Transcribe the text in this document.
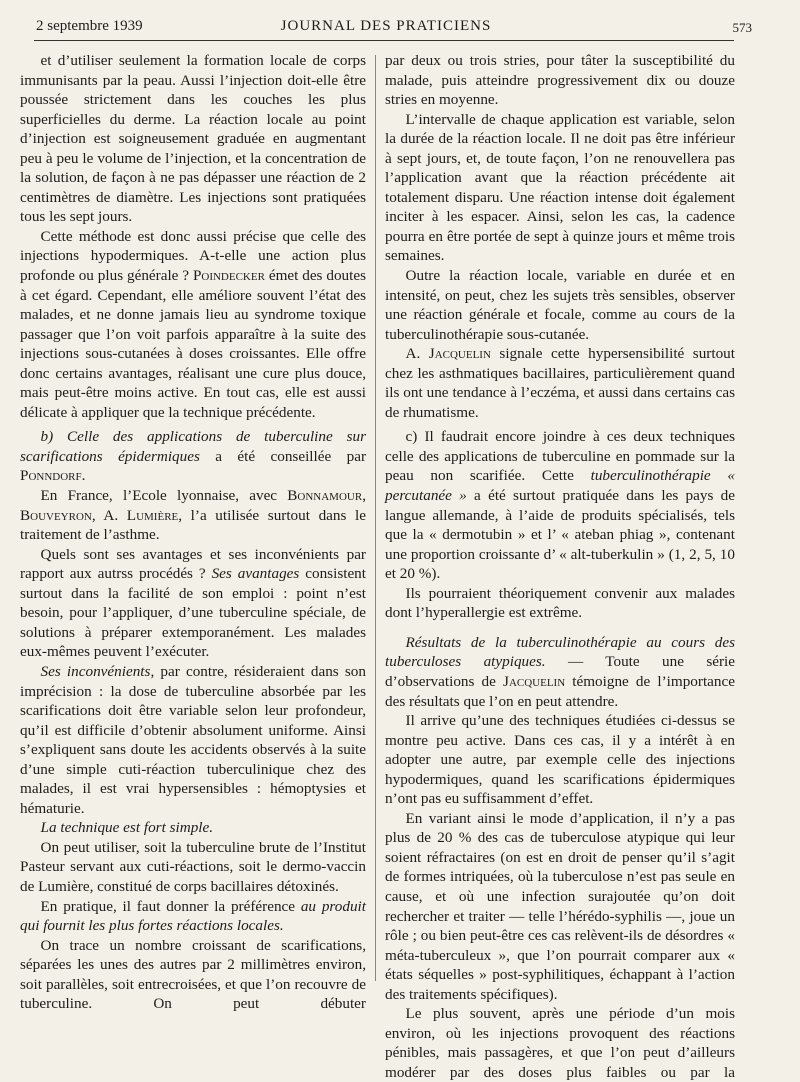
2 septembre 1939	JOURNAL DES PRATICIENS	573

et d’utiliser seulement la formation locale de corps immunisants par la peau. Aussi l’injection doit-elle être poussée strictement dans les couches les plus superficielles du derme. La réaction locale au point d’injection est soigneusement graduée en augmentant peu à peu le volume de l’injection, et la concentration de la solution, de façon à ne pas dépasser une réaction de 2 centimètres de diamètre. Les injections sont pratiquées tous les sept jours.

Cette méthode est donc aussi précise que celle des injections hypodermiques. A-t-elle une action plus profonde ou plus générale ? Poindecker émet des doutes à cet égard. Cependant, elle améliore souvent l’état des malades, et ne donne jamais lieu au syndrome toxique passager que l’on voit parfois apparaître à la suite des injections sous-cutanées à doses croissantes. Elle offre donc certains avantages, réalisant une cure plus douce, mais peut-être moins active. En tout cas, elle est aussi délicate à appliquer que la technique précédente.

b) Celle des applications de tuberculine sur scarifications épidermiques a été conseillée par Ponndorf.

En France, l’Ecole lyonnaise, avec Bonnamour, Bouveyron, A. Lumière, l’a utilisée surtout dans le traitement de l’asthme.

Quels sont ses avantages et ses inconvénients par rapport aux autrss procédés ? Ses avantages consistent surtout dans la facilité de son emploi : point n’est besoin, pour l’appliquer, d’une tuberculine spéciale, de solutions à préparer extemporanément. Les malades eux-mêmes peuvent l’exécuter.

Ses inconvénients, par contre, résideraient dans son imprécision : la dose de tuberculine absorbée par les scarifications doit être variable selon leur profondeur, qu’il est difficile d’obtenir absolument uniforme. Ainsi s’expliquent sans doute les accidents observés à la suite d’une simple cuti-réaction tuberculinique chez des malades, il est vrai hypersensibles : hémoptysies et hématurie.

La technique est fort simple.

On peut utiliser, soit la tuberculine brute de l’Institut Pasteur servant aux cuti-réactions, soit le dermo-vaccin de Lumière, constitué de corps bacillaires détoxinés.

En pratique, il faut donner la préférence au produit qui fournit les plus fortes réactions locales.

On trace un nombre croissant de scarifications, séparées les unes des autres par 2 millimètres environ, soit parallèles, soit entrecroisées, et que l’on recouvre de tuberculine. On peut débuter

par deux ou trois stries, pour tâter la susceptibilité du malade, puis atteindre progressivement dix ou douze stries en moyenne.

L’intervalle de chaque application est variable, selon la durée de la réaction locale. Il ne doit pas être inférieur à sept jours, et, de toute façon, l’on ne renouvellera pas l’application avant que la réaction précédente ait totalement disparu. Une réaction intense doit également inciter à les espacer. Ainsi, selon les cas, la cadence pourra en être portée de sept à quinze jours et même trois semaines.

Outre la réaction locale, variable en durée et en intensité, on peut, chez les sujets très sensibles, observer une réaction générale et focale, comme au cours de la tuberculinothérapie sous-cutanée.

A. Jacquelin signale cette hypersensibilité surtout chez les asthmatiques bacillaires, particulièrement quand ils ont une tendance à l’eczéma, et aussi dans certains cas de rhumatisme.

c) Il faudrait encore joindre à ces deux techniques celle des applications de tuberculine en pommade sur la peau non scarifiée. Cette tuberculinothérapie « percutanée » a été surtout pratiquée dans les pays de langue allemande, à l’aide de produits spécialisés, tels que la « dermotubin » et l’ « ateban phiag », contenant une proportion croissante d’ « alt-tuberkulin » (1, 2, 5, 10 et 20 %).

Ils pourraient théoriquement convenir aux malades dont l’hyperallergie est extrême.

Résultats de la tuberculinothérapie au cours des tuberculoses atypiques. — Toute une série d’observations de Jacquelin témoigne de l’importance des résultats que l’on en peut attendre.

Il arrive qu’une des techniques étudiées ci-dessus se montre peu active. Dans ces cas, il y a intérêt à en adopter une autre, par exemple celle des injections hypodermiques, quand les scarifications épidermiques n’ont pas eu suffisamment d’effet.

En variant ainsi le mode d’application, il n’y a pas plus de 20 % des cas de tuberculose atypique qui leur soient réfractaires (on est en droit de penser qu’il s’agit de formes intriquées, où la tuberculose n’est pas seule en cause, et où une infection surajoutée qu’on doit rechercher et traiter — telle l’hérédo-syphilis —, joue un rôle ; ou bien peut-être ces cas relèvent-ils de désordres « méta-tuberculeux », que l’on pourrait comparer aux « états séquelles » post-syphilitiques, échappant à l’action des traitements spécifiques).

Le plus souvent, après une période d’un mois environ, où les injections provoquent des réactions pénibles, mais passagères, et que l’on peut d’ailleurs modérer par des doses plus faibles ou par la
